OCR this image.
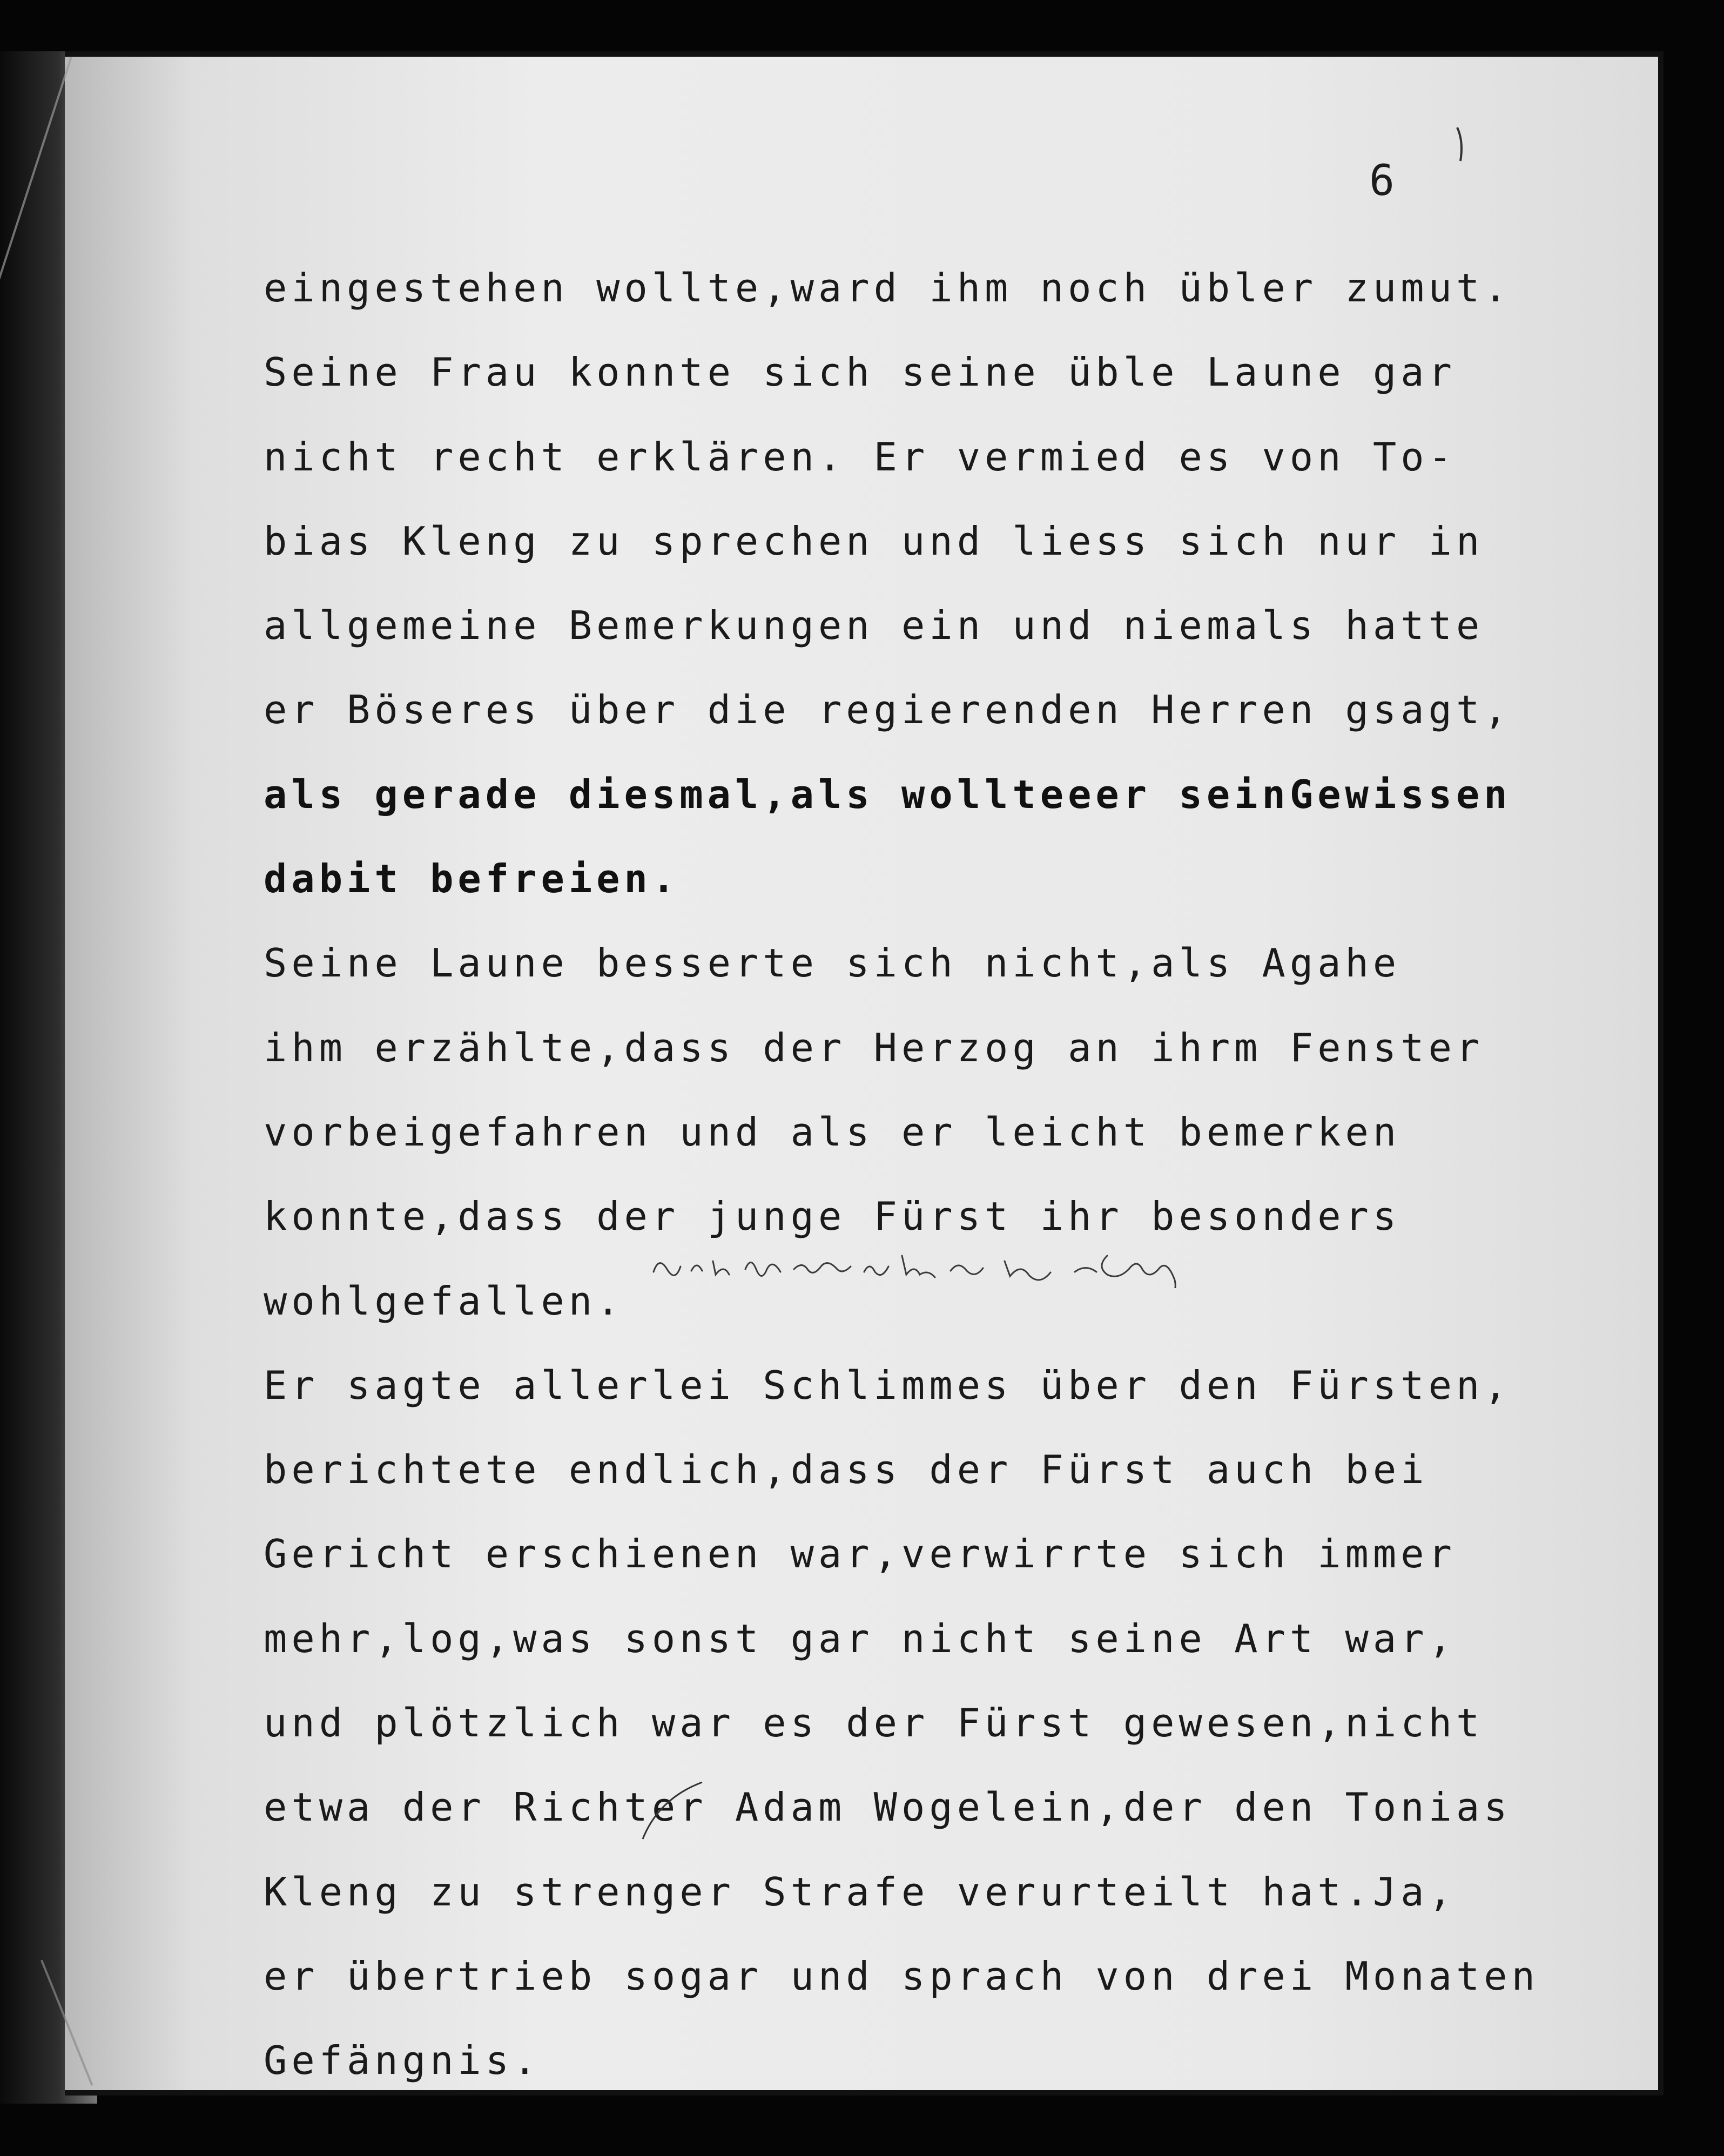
6
eingestehen wollte,ward ihm noch übler zumut.
Seine Frau konnte sich seine üble Laune gar
nicht recht erklären. Er vermied es von To-
bias Kleng zu sprechen und liess sich nur in
allgemeine Bemerkungen ein und niemals hatte
er Böseres über die regierenden Herren gsagt,
als gerade diesmal,als wollteeer seinGewissen
dabit befreien.
Seine Laune besserte sich nicht,als Agahe
ihm erzählte,dass der Herzog an ihrm Fenster
vorbeigefahren und als er leicht bemerken
konnte,dass der junge Fürst ihr besonders
wohlgefallen.
Er sagte allerlei Schlimmes über den Fürsten,
berichtete endlich,dass der Fürst auch bei
Gericht erschienen war,verwirrte sich immer
mehr,log,was sonst gar nicht seine Art war,
und plötzlich war es der Fürst gewesen,nicht
etwa der Richter Adam Wogelein,der den Tonias
Kleng zu strenger Strafe verurteilt hat.Ja,
er übertrieb sogar und sprach von drei Monaten
Gefängnis.
